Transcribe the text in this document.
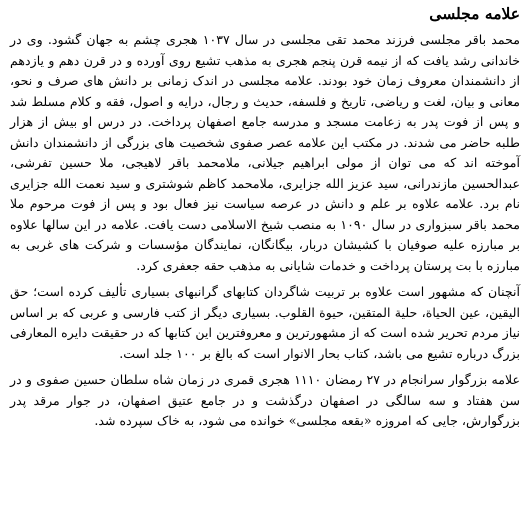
علامه مجلسی

محمد باقر مجلسی فرزند محمد تقی مجلسی در سال ۱۰۳۷ هجری چشم به جهان گشود. وی در خاندانی رشد یافت که از نیمه قرن پنجم هجری به مذهب تشیع روی آورده و در قرن دهم و یازدهم از دانشمندان معروف زمان خود بودند. علامه مجلسی در اندک زمانی بر دانش های صرف و نحو، معانی و بیان، لغت و ریاضی، تاریخ و فلسفه، حدیث و رجال، درایه و اصول، فقه و کلام مسلط شد و پس از فوت پدر به زعامت مسجد و مدرسه جامع اصفهان پرداخت. در درس او بیش از هزار طلبه حاضر می شدند. در مکتب این علامه عصر صفوی شخصیت های بزرگی از دانشمندان دانش آموخته اند که می توان از مولی ابراهیم جیلانی، ملامحمد باقر لاهیجی، ملا حسین تفرشی، عبدالحسین مازندرانی، سید عزیز الله جزایری، ملامحمد کاظم شوشتری و سید نعمت الله جزایری نام برد. علامه علاوه بر علم و دانش در عرصه سیاست نیز فعال بود و پس از فوت مرحوم ملا محمد باقر سبزواری در سال ۱۰۹۰ به منصب شیخ الاسلامی دست یافت. علامه در این سالها علاوه بر مبارزه علیه صوفیان با کشیشان دربار، بیگانگان، نمایندگان مؤسسات و شرکت های غربی به مبارزه با بت پرستان پرداخت و خدمات شایانی به مذهب حقه جعفری کرد.

آنچنان که مشهور است علاوه بر تربیت شاگردان کتابهای گرانبهای بسیاری تألیف کرده است؛ حق الیقین، عین الحیاة، حلیة المتقین، حیوة القلوب. بسیاری دیگر از کتب فارسی و عربی که بر اساس نیاز مردم تحریر شده است که از مشهورترین و معروفترین این کتابها که در حقیقت دایره المعارفی بزرگ درباره تشیع می باشد، کتاب بحار الانوار است که بالغ بر ۱۰۰ جلد است.

علامه بزرگوار سرانجام در ۲۷ رمضان ۱۱۱۰ هجری قمری در زمان شاه سلطان حسین صفوی و در سن هفتاد و سه سالگی در اصفهان درگذشت و در جامع عتیق اصفهان، در جوار مرقد پدر بزرگوارش، جایی که امروزه «بقعه مجلسی» خوانده می شود، به خاک سپرده شد.
